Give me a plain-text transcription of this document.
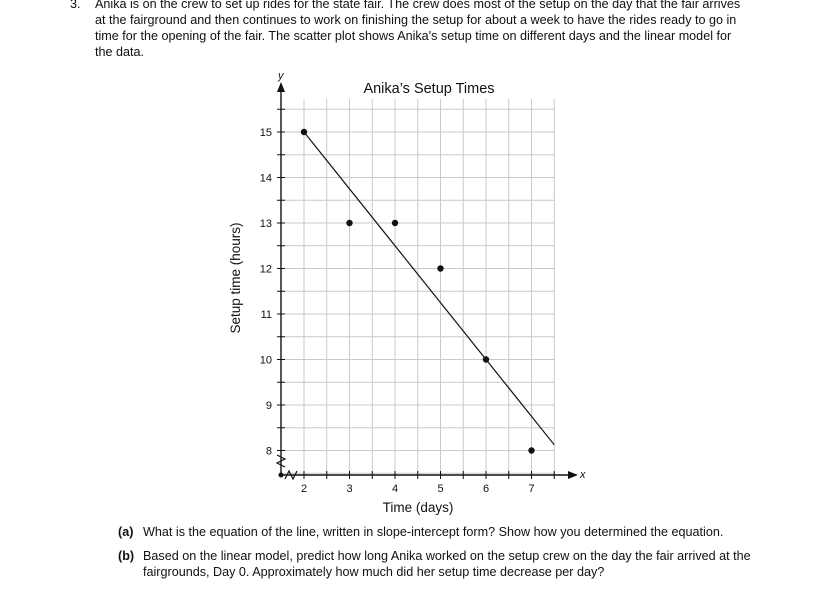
3. Anika is on the crew to set up rides for the state fair. The crew does most of the setup on the day that the fair arrives at the fairground and then continues to work on finishing the setup for about a week to have the rides ready to go in time for the opening of the fair. The scatter plot shows Anika's setup time on different days and the linear model for the data.
Anika’s Setup Times
Time (days)
Setup time (hours)
x
y
8
9
10
11
12
13
14
15
2	3	4	5	6	7
(a) What is the equation of the line, written in slope-intercept form? Show how you determined the equation.
(b) Based on the linear model, predict how long Anika worked on the setup crew on the day the fair arrived at the fairgrounds, Day 0. Approximately how much did her setup time decrease per day?
